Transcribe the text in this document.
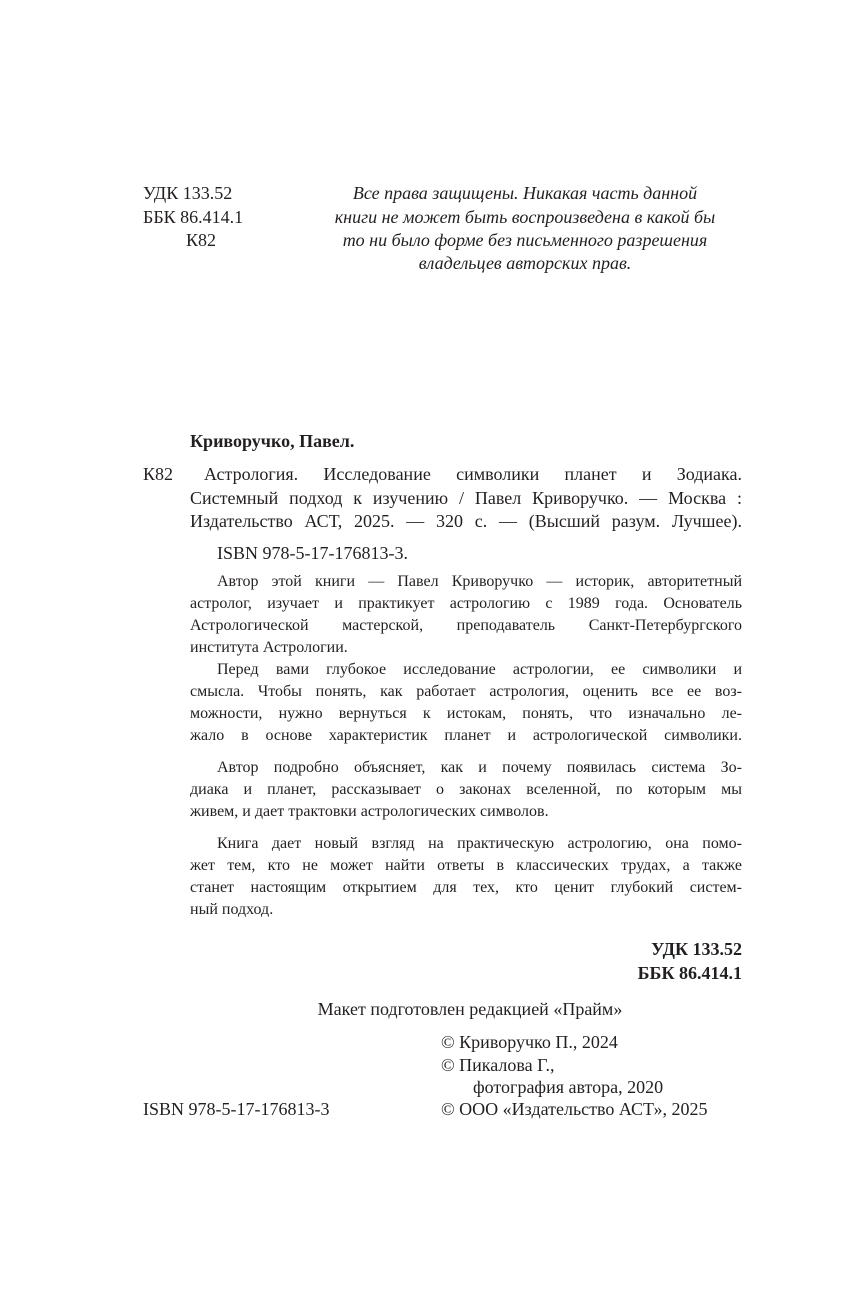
УДК 133.52
ББК 86.414.1
К82
Все права защищены. Никакая часть данной
книги не может быть воспроизведена в какой бы
то ни было форме без письменного разрешения
владельцев авторских прав.
Криворучко, Павел.
К82 Астрология. Исследование символики планет и Зодиака.
Системный подход к изучению / Павел Криворучко. — Москва :
Издательство АСТ, 2025. — 320 с. — (Высший разум. Лучшее).
ISBN 978-5-17-176813-3.
Автор этой книги — Павел Криворучко — историк, авторитетный
астролог, изучает и практикует астрологию с 1989 года. Основатель
Астрологической мастерской, преподаватель Санкт-Петербургского
института Астрологии.
Перед вами глубокое исследование астрологии, ее символики и
смысла. Чтобы понять, как работает астрология, оценить все ее воз-
можности, нужно вернуться к истокам, понять, что изначально ле-
жало в основе характеристик планет и астрологической символики.
Автор подробно объясняет, как и почему появилась система Зо-
диака и планет, рассказывает о законах вселенной, по которым мы
живем, и дает трактовки астрологических символов.
Книга дает новый взгляд на практическую астрологию, она помо-
жет тем, кто не может найти ответы в классических трудах, а также
станет настоящим открытием для тех, кто ценит глубокий систем-
ный подход.
УДК 133.52
ББК 86.414.1
Макет подготовлен редакцией «Прайм»
© Криворучко П., 2024
© Пикалова Г.,
фотография автора, 2020
© ООО «Издательство АСТ», 2025
ISBN 978-5-17-176813-3
